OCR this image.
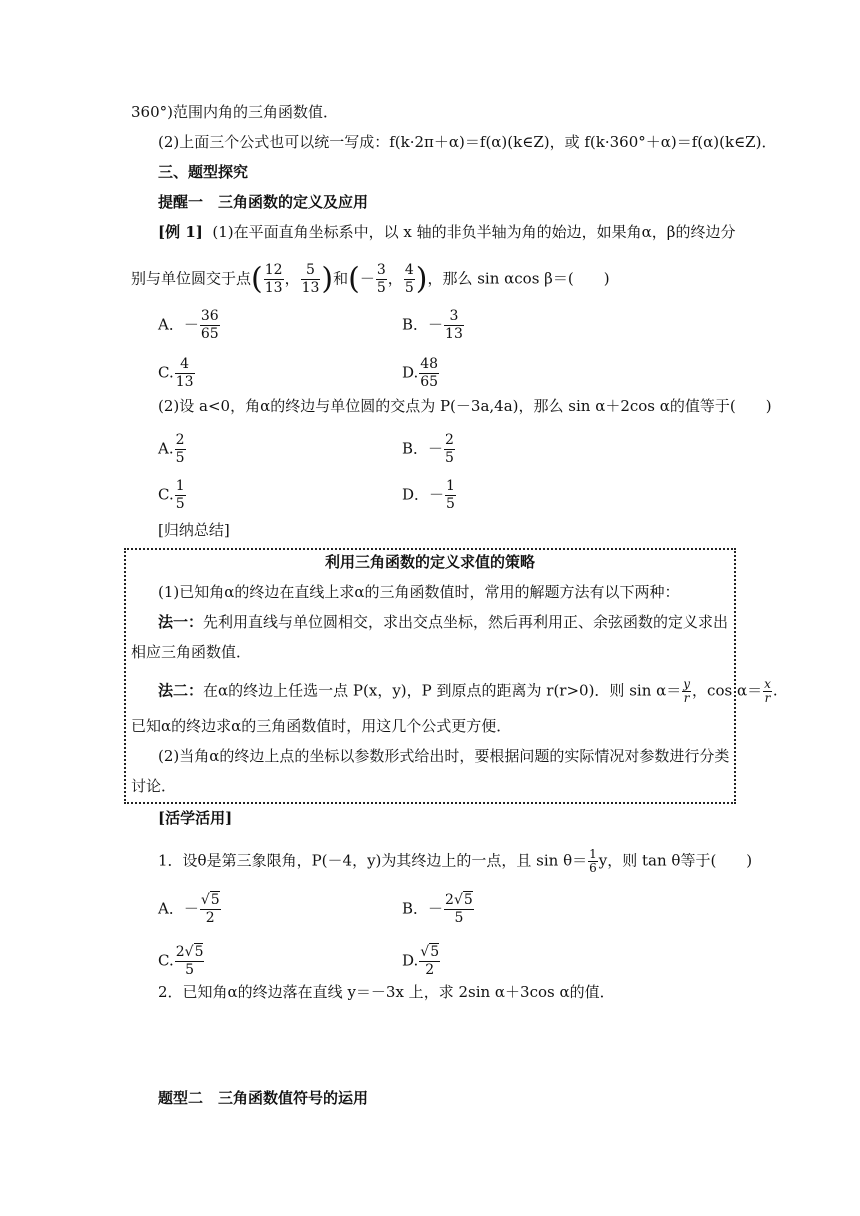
360°)范围内角的三角函数值．
(2)上面三个公式也可以统一写成：f(k·2π＋α)＝f(α)(k∈Z)，或 f(k·360°＋α)＝f(α)(k∈Z)．
三、题型探究
提醒一　三角函数的定义及应用
[例 1] (1)在平面直角坐标系中，以 x 轴的非负半轴为角的始边，如果角α，β的终边分
别与单位圆交于点( $\frac{12}{13}$ ， $\frac{5}{13}$ )和(－ $\frac{3}{5}$ ， $\frac{4}{5}$ )，那么 sin αcos β＝(　　)
A．－ $\frac{36}{65}$	B．－ $\frac{3}{13}$
C. $\frac{4}{13}$	D. $\frac{48}{65}$
(2)设 a<0，角α的终边与单位圆的交点为 P(－3a,4a)，那么 sin α＋2cos α的值等于(　　)
A. $\frac{2}{5}$	B．－ $\frac{2}{5}$
C. $\frac{1}{5}$	D．－ $\frac{1}{5}$
[归纳总结]
利用三角函数的定义求值的策略
(1)已知角α的终边在直线上求α的三角函数值时，常用的解题方法有以下两种：
法一：先利用直线与单位圆相交，求出交点坐标，然后再利用正、余弦函数的定义求出
相应三角函数值．
法二：在α的终边上任选一点 P(x，y)，P 到原点的距离为 r(r>0)．则 $\sin \alpha= \frac{y}{r}$ ，$\cos \alpha= \frac{x}{r}$ .
已知α的终边求α的三角函数值时，用这几个公式更方便．
(2)当角α的终边上点的坐标以参数形式给出时，要根据问题的实际情况对参数进行分类
讨论．
[活学活用]
1．设θ是第三象限角，P(－4，y)为其终边上的一点，且 $\sin \theta= \frac{1}{6}$ y，则 tan θ等于(　　)
A．－ $\frac{√5}{2}$	B．－ $\frac{2√5}{5}$
C. $\frac{2√5}{5}$	D. $\frac{√5}{2}$
2．已知角α的终边落在直线 y＝－3x 上，求 2sin α＋3cos α的值．
题型二　三角函数值符号的运用
